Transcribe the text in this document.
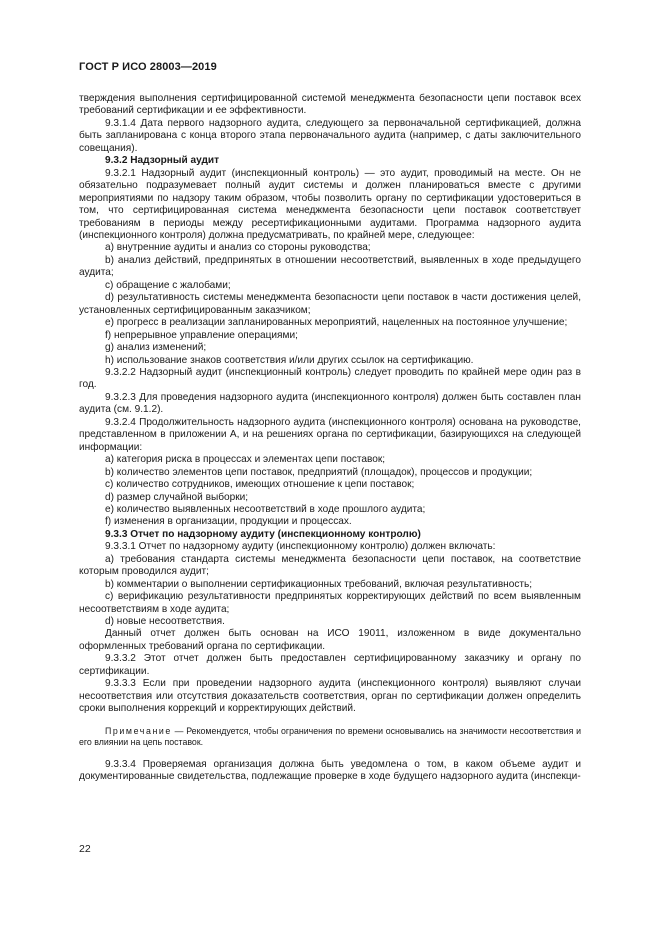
ГОСТ Р ИСО 28003—2019

тверждения выполнения сертифицированной системой менеджмента безопасности цепи поставок всех требований сертификации и ее эффективности.

9.3.1.4 Дата первого надзорного аудита, следующего за первоначальной сертификацией, должна быть запланирована с конца второго этапа первоначального аудита (например, с даты заключительного совещания).

9.3.2 Надзорный аудит

9.3.2.1 Надзорный аудит (инспекционный контроль) — это аудит, проводимый на месте. Он не обязательно подразумевает полный аудит системы и должен планироваться вместе с другими мероприятиями по надзору таким образом, чтобы позволить органу по сертификации удостовериться в том, что сертифицированная система менеджмента безопасности цепи поставок соответствует требованиям в периоды между ресертификационными аудитами. Программа надзорного аудита (инспекционного контроля) должна предусматривать, по крайней мере, следующее:

a) внутренние аудиты и анализ со стороны руководства;

b) анализ действий, предпринятых в отношении несоответствий, выявленных в ходе предыдущего аудита;

c) обращение с жалобами;

d) результативность системы менеджмента безопасности цепи поставок в части достижения целей, установленных сертифицированным заказчиком;

e) прогресс в реализации запланированных мероприятий, нацеленных на постоянное улучшение;

f) непрерывное управление операциями;

g) анализ изменений;

h) использование знаков соответствия и/или других ссылок на сертификацию.

9.3.2.2 Надзорный аудит (инспекционный контроль) следует проводить по крайней мере один раз в год.

9.3.2.3 Для проведения надзорного аудита (инспекционного контроля) должен быть составлен план аудита (см. 9.1.2).

9.3.2.4 Продолжительность надзорного аудита (инспекционного контроля) основана на руководстве, представленном в приложении А, и на решениях органа по сертификации, базирующихся на следующей информации:

a) категория риска в процессах и элементах цепи поставок;

b) количество элементов цепи поставок, предприятий (площадок), процессов и продукции;

c) количество сотрудников, имеющих отношение к цепи поставок;

d) размер случайной выборки;

e) количество выявленных несоответствий в ходе прошлого аудита;

f) изменения в организации, продукции и процессах.

9.3.3 Отчет по надзорному аудиту (инспекционному контролю)

9.3.3.1 Отчет по надзорному аудиту (инспекционному контролю) должен включать:

a) требования стандарта системы менеджмента безопасности цепи поставок, на соответствие которым проводился аудит;

b) комментарии о выполнении сертификационных требований, включая результативность;

c) верификацию результативности предпринятых корректирующих действий по всем выявленным несоответствиям в ходе аудита;

d) новые несоответствия.

Данный отчет должен быть основан на ИСО 19011, изложенном в виде документально оформленных требований органа по сертификации.

9.3.3.2 Этот отчет должен быть предоставлен сертифицированному заказчику и органу по сертификации.

9.3.3.3 Если при проведении надзорного аудита (инспекционного контроля) выявляют случаи несоответствия или отсутствия доказательств соответствия, орган по сертификации должен определить сроки выполнения коррекций и корректирующих действий.

Примечание — Рекомендуется, чтобы ограничения по времени основывались на значимости несоответствия и его влиянии на цепь поставок.

9.3.3.4 Проверяемая организация должна быть уведомлена о том, в каком объеме аудит и документированные свидетельства, подлежащие проверке в ходе будущего надзорного аудита (инспекци-

22
